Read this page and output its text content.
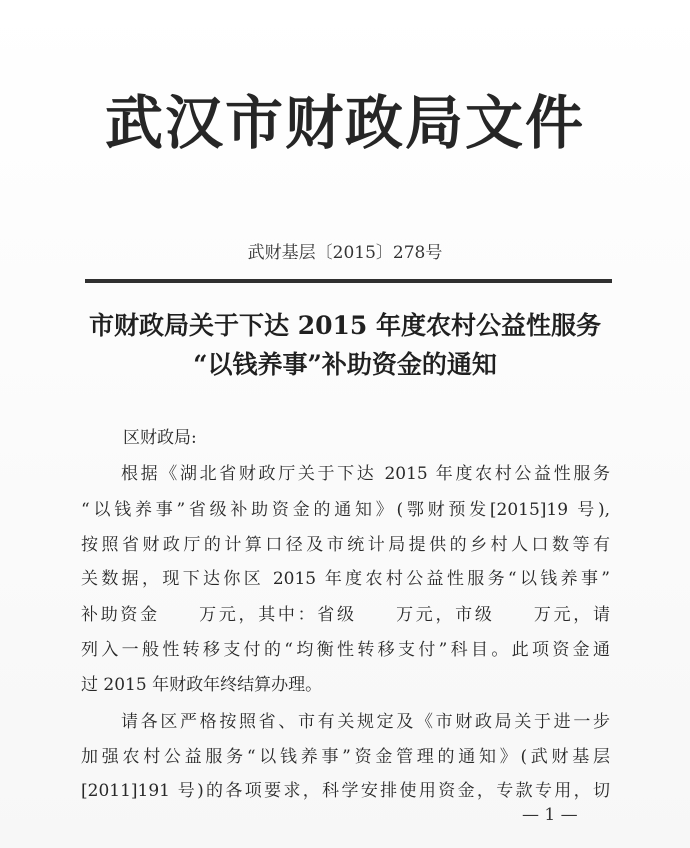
武汉市财政局文件
武财基层〔2015〕278号
市财政局关于下达 2015 年度农村公益性服务
“以钱养事”补助资金的通知
区财政局:
根据《湖北省财政厅关于下达 2015 年度农村公益性服务
“以钱养事”省级补助资金的通知》(鄂财预发[2015]19 号),
按照省财政厅的计算口径及市统计局提供的乡村人口数等有
关数据，现下达你区 2015 年度农村公益性服务“以钱养事”
补助资金　　万元，其中：省级　　万元，市级　　万元，请
列入一般性转移支付的“均衡性转移支付”科目。此项资金通
过 2015 年财政年终结算办理。
请各区严格按照省、市有关规定及《市财政局关于进一步
加强农村公益服务“以钱养事”资金管理的通知》(武财基层
[2011]191 号)的各项要求，科学安排使用资金，专款专用，切
— 1 —
